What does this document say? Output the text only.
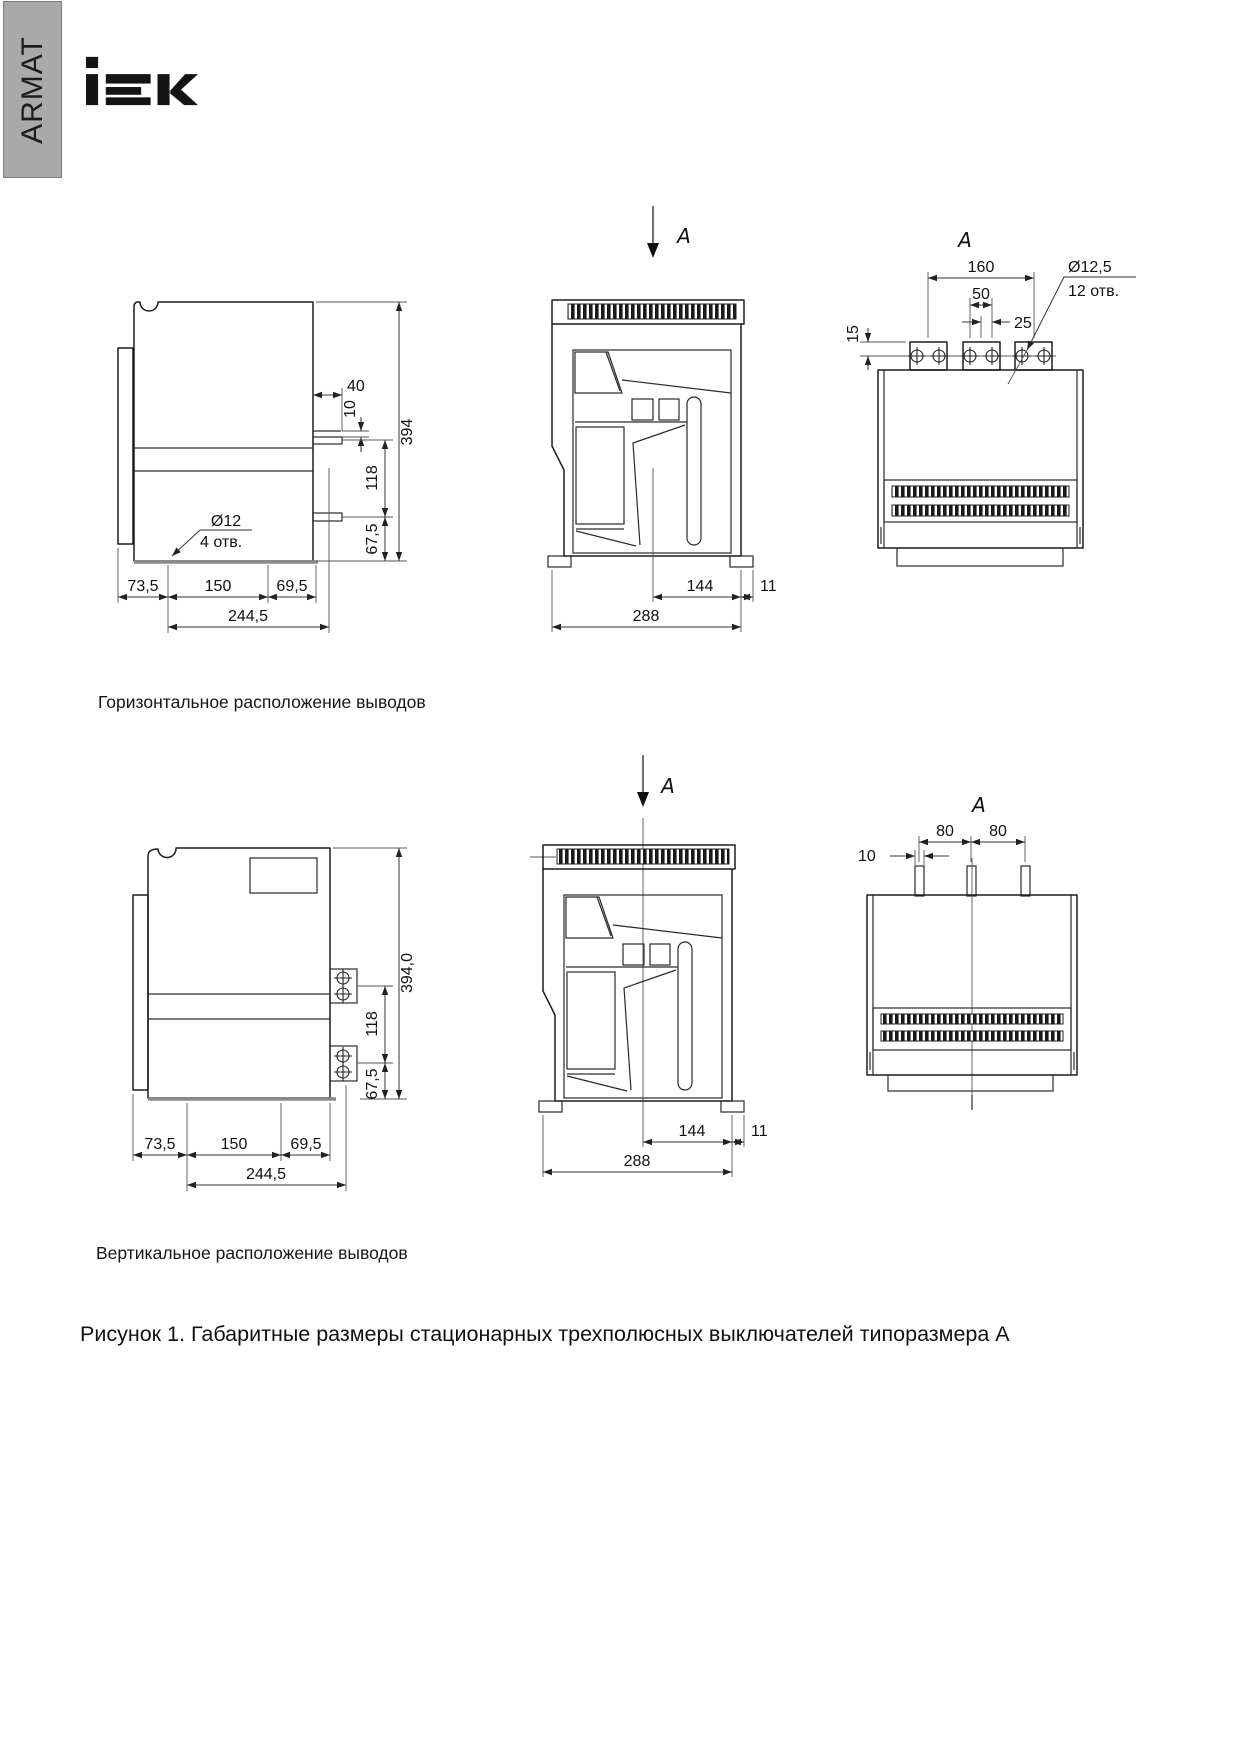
ARMAT
Горизонтальное расположение выводов
Вертикальное расположение выводов
Рисунок 1. Габаритные размеры стационарных трехполюсных выключателей типоразмера А
Ø12
4 отв.
40
10
394
118
67,5
73,5	150	69,5
244,5
A
144	11
288
A
160
50
25
15
Ø12,5
12 отв.
118
67,5
394,0
73,5	150	69,5
244,5
A
144	11
288
A
80 80
10
